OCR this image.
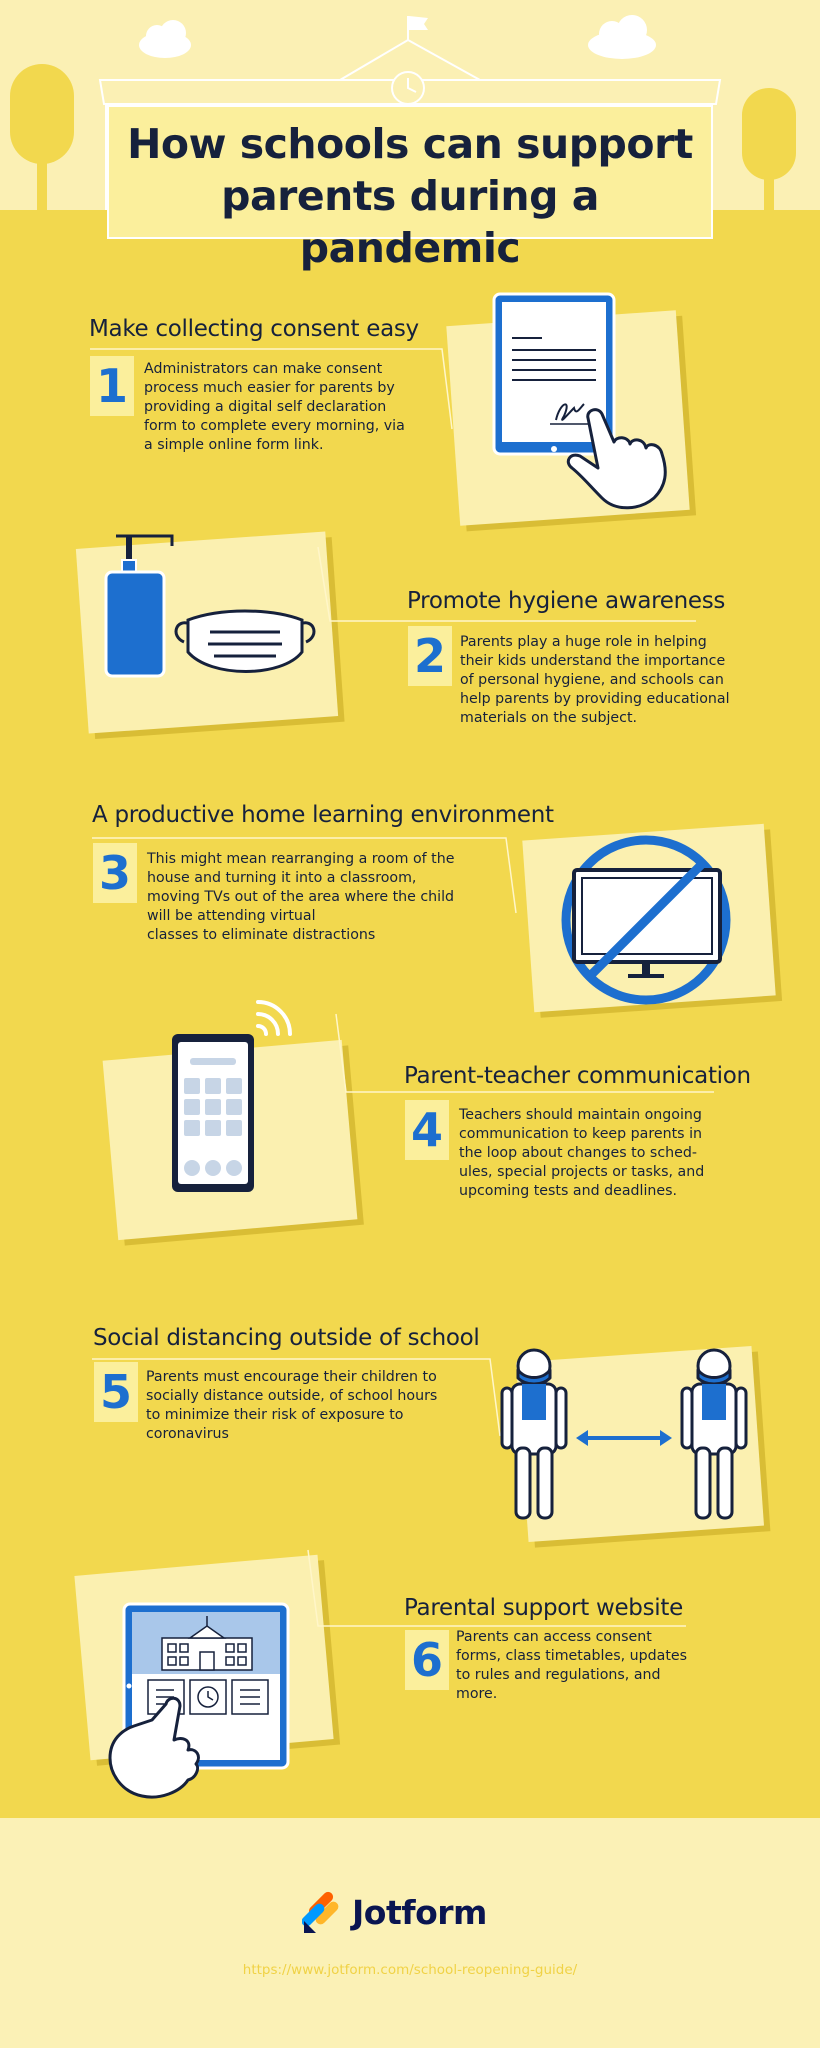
How schools can support
parents during a pandemic
Make collecting consent easy
1	Administrators can make consent
process much easier for parents by
providing a digital self declaration
form to complete every morning, via
a simple online form link.
Promote hygiene awareness
2 Parents play a huge role in helping
their kids understand the importance
of personal hygiene, and schools can
help parents by providing educational
materials on the subject.
A productive home learning environment
3	This might mean rearranging a room of the
house and turning it into a classroom,
moving TVs out of the area where the child
will be attending virtual
classes to eliminate distractions
Parent-teacher communication
4	Teachers should maintain ongoing
communication to keep parents in
the loop about changes to sched-
ules, special projects or tasks, and
upcoming tests and deadlines.
Social distancing outside of school
5 Parents must encourage their children to
socially distance outside, of school hours
to minimize their risk of exposure to
coronavirus
Parental support website
6 Parents can access consent
forms, class timetables, updates
to rules and regulations, and
more.
Jotform
https://www.jotform.com/school-reopening-guide/
